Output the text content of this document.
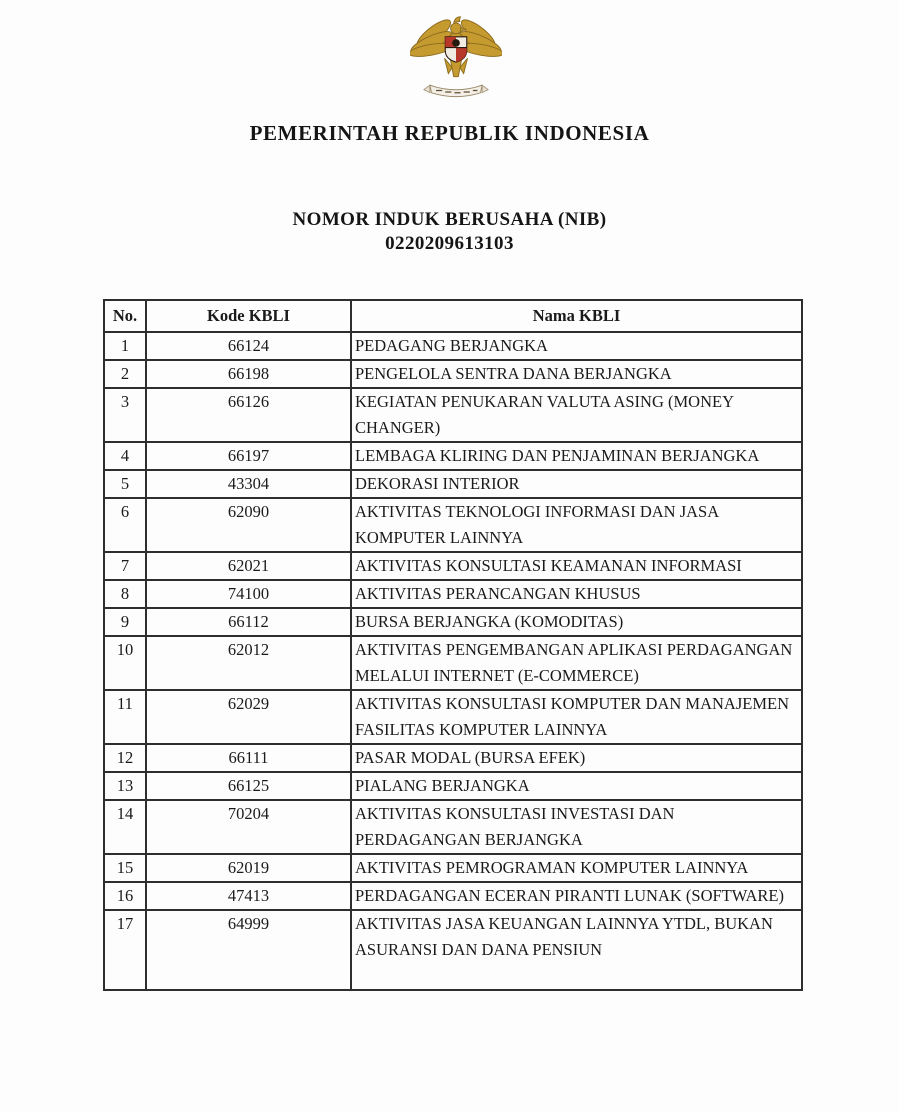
PEMERINTAH REPUBLIK INDONESIA
NOMOR INDUK BERUSAHA (NIB)
0220209613103
No.	Kode KBLI	Nama KBLI
1	66124	PEDAGANG BERJANGKA
2	66198	PENGELOLA SENTRA DANA BERJANGKA
3	66126	KEGIATAN PENUKARAN VALUTA ASING (MONEY CHANGER)
4	66197	LEMBAGA KLIRING DAN PENJAMINAN BERJANGKA
5	43304	DEKORASI INTERIOR
6	62090	AKTIVITAS TEKNOLOGI INFORMASI DAN JASA KOMPUTER LAINNYA
7	62021	AKTIVITAS KONSULTASI KEAMANAN INFORMASI
8	74100	AKTIVITAS PERANCANGAN KHUSUS
9	66112	BURSA BERJANGKA (KOMODITAS)
10	62012	AKTIVITAS PENGEMBANGAN APLIKASI PERDAGANGAN MELALUI INTERNET (E-COMMERCE)
11	62029	AKTIVITAS KONSULTASI KOMPUTER DAN MANAJEMEN FASILITAS KOMPUTER LAINNYA
12	66111	PASAR MODAL (BURSA EFEK)
13	66125	PIALANG BERJANGKA
14	70204	AKTIVITAS KONSULTASI INVESTASI DAN PERDAGANGAN BERJANGKA
15	62019	AKTIVITAS PEMROGRAMAN KOMPUTER LAINNYA
16	47413	PERDAGANGAN ECERAN PIRANTI LUNAK (SOFTWARE)
17	64999	AKTIVITAS JASA KEUANGAN LAINNYA YTDL, BUKAN ASURANSI DAN DANA PENSIUN
